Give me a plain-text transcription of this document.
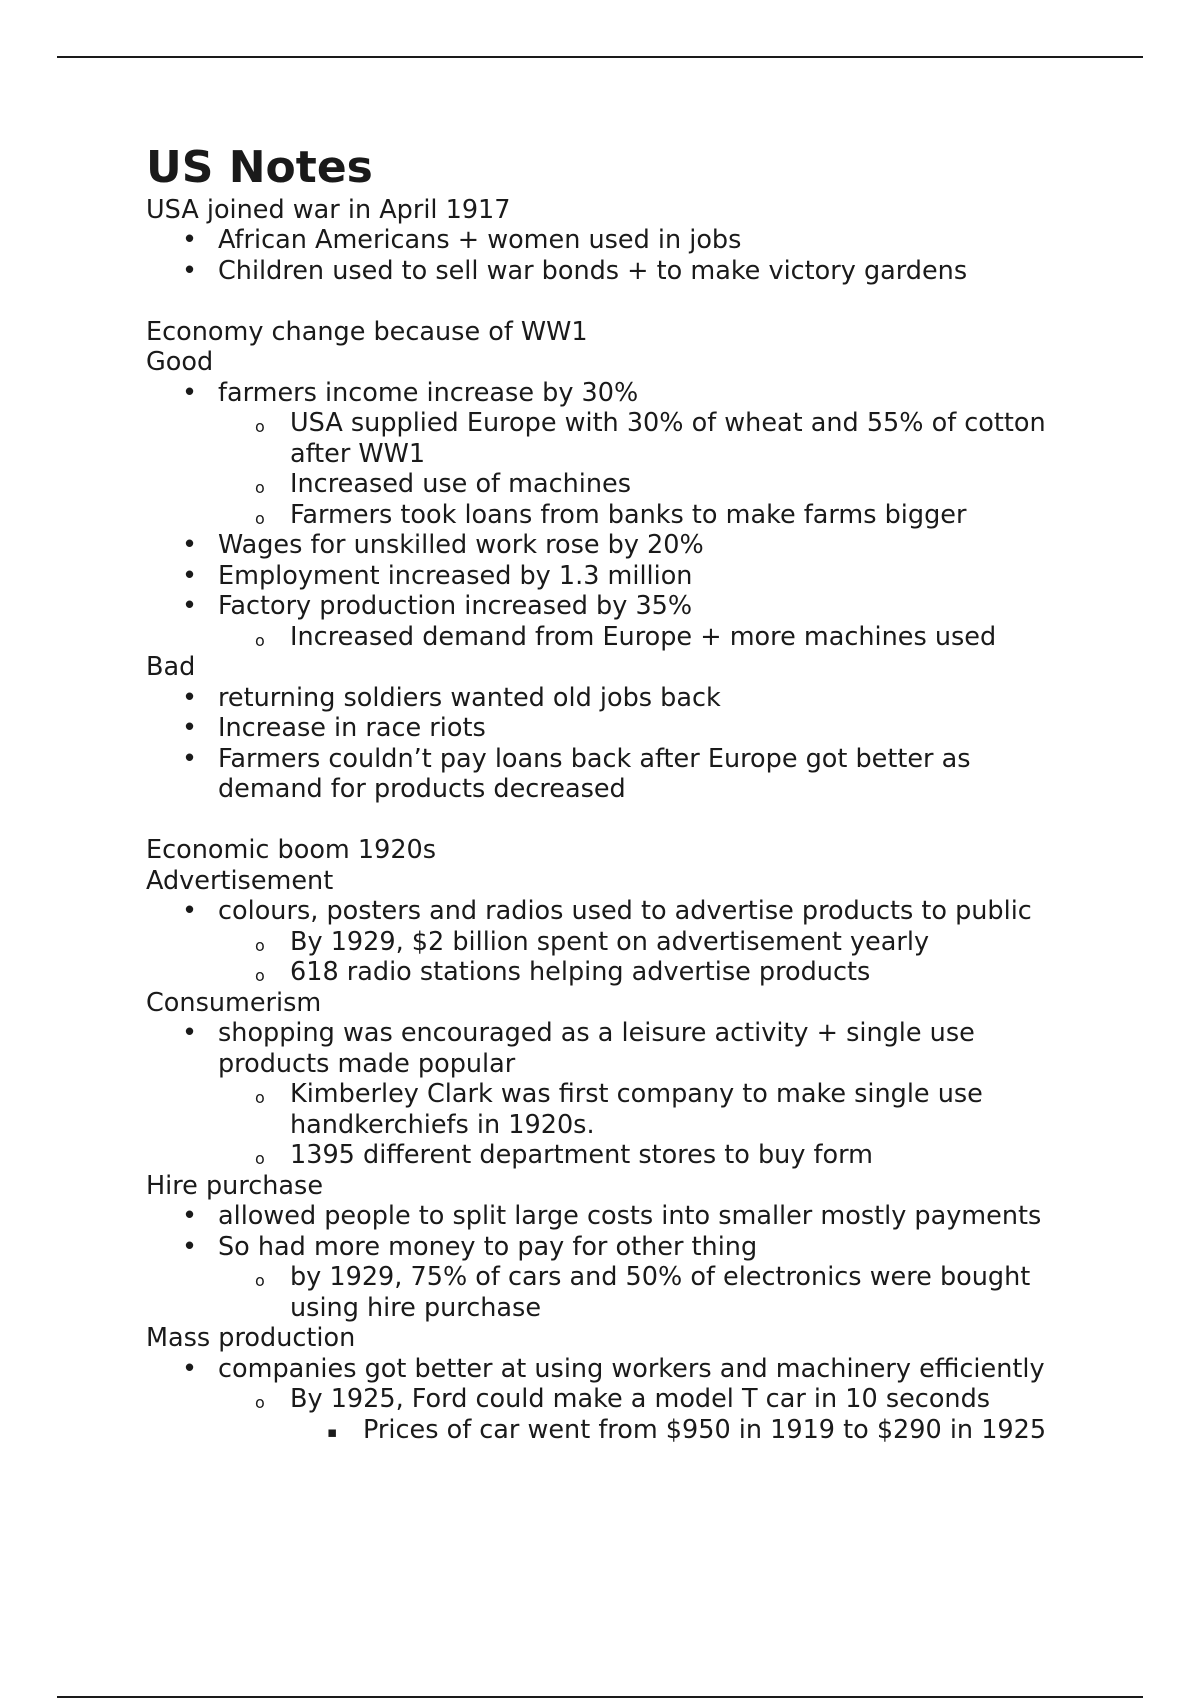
US Notes
USA joined war in April 1917
• African Americans + women used in jobs
• Children used to sell war bonds + to make victory gardens
Economy change because of WW1
Good
• farmers income increase by 30%
o USA supplied Europe with 30% of wheat and 55% of cotton after WW1
o Increased use of machines
o Farmers took loans from banks to make farms bigger
• Wages for unskilled work rose by 20%
• Employment increased by 1.3 million
• Factory production increased by 35%
o Increased demand from Europe + more machines used
Bad
• returning soldiers wanted old jobs back
• Increase in race riots
• Farmers couldn’t pay loans back after Europe got better as demand for products decreased
Economic boom 1920s
Advertisement
• colours, posters and radios used to advertise products to public
o By 1929, $2 billion spent on advertisement yearly
o 618 radio stations helping advertise products
Consumerism
• shopping was encouraged as a leisure activity + single use products made popular
o Kimberley Clark was first company to make single use handkerchiefs in 1920s.
o 1395 different department stores to buy form
Hire purchase
• allowed people to split large costs into smaller mostly payments
• So had more money to pay for other thing
o by 1929, 75% of cars and 50% of electronics were bought using hire purchase
Mass production
• companies got better at using workers and machinery efficiently
o By 1925, Ford could make a model T car in 10 seconds
▪ Prices of car went from $950 in 1919 to $290 in 1925
